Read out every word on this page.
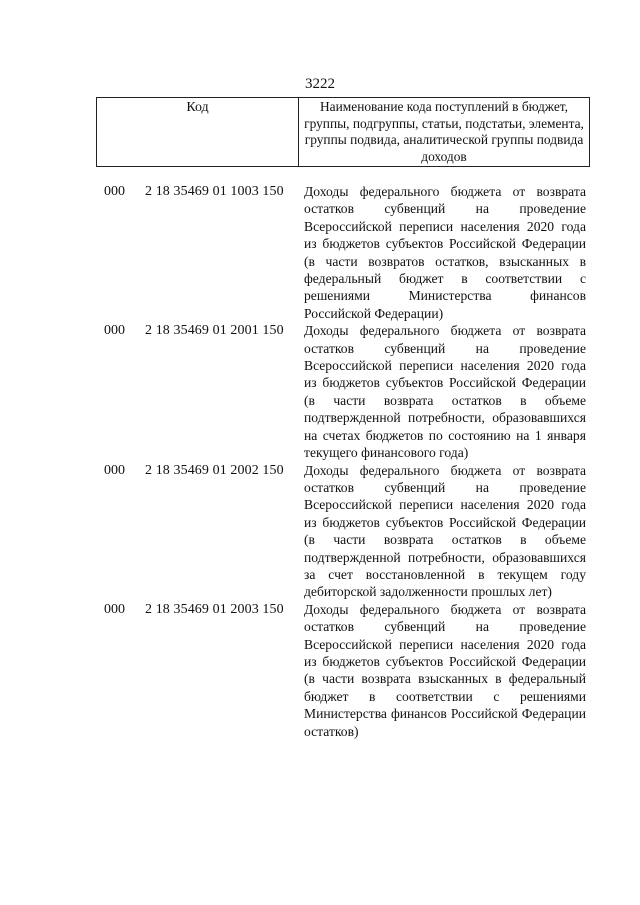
3222
Код	Наименование кода поступлений в бюджет, группы, подгруппы, статьи, подстатьи, элемента, группы подвида, аналитической группы подвида доходов
000 2 18 35469 01 1003 150 Доходы федерального бюджета от возврата остатков субвенций на проведение Всероссийской переписи населения 2020 года из бюджетов субъектов Российской Федерации (в части возвратов остатков, взысканных в федеральный бюджет в соответствии с решениями Министерства финансов Российской Федерации)
000 2 18 35469 01 2001 150 Доходы федерального бюджета от возврата остатков субвенций на проведение Всероссийской переписи населения 2020 года из бюджетов субъектов Российской Федерации (в части возврата остатков в объеме подтвержденной потребности, образовавшихся на счетах бюджетов по состоянию на 1 января текущего финансового года)
000 2 18 35469 01 2002 150 Доходы федерального бюджета от возврата остатков субвенций на проведение Всероссийской переписи населения 2020 года из бюджетов субъектов Российской Федерации (в части возврата остатков в объеме подтвержденной потребности, образовавшихся за счет восстановленной в текущем году дебиторской задолженности прошлых лет)
000 2 18 35469 01 2003 150 Доходы федерального бюджета от возврата остатков субвенций на проведение Всероссийской переписи населения 2020 года из бюджетов субъектов Российской Федерации (в части возврата взысканных в федеральный бюджет в соответствии с решениями Министерства финансов Российской Федерации остатков)
